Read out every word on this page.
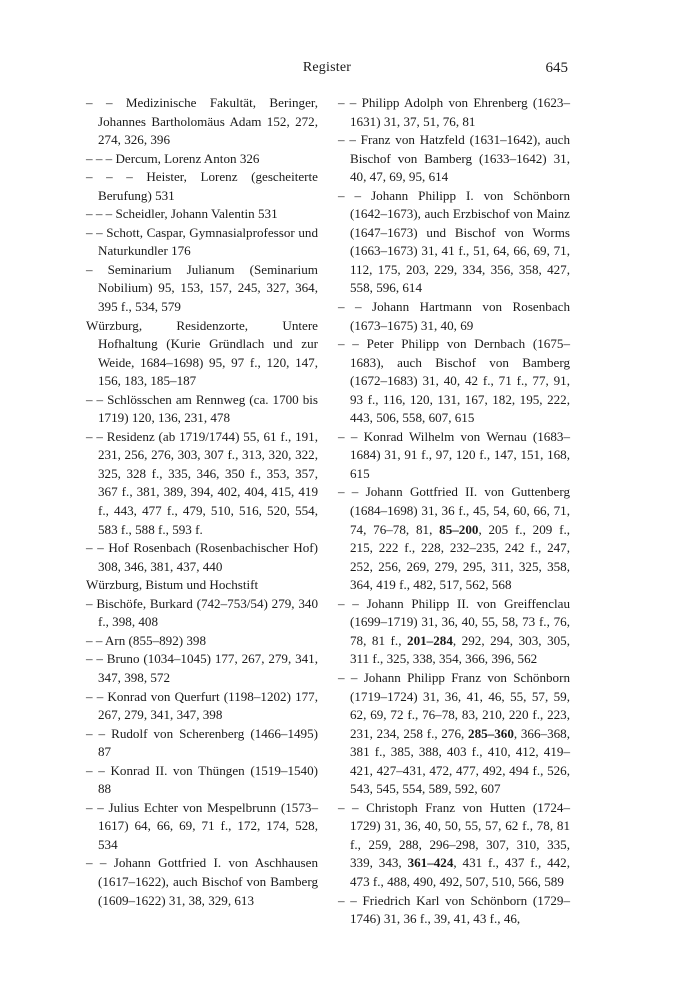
Register	645

– – Medizinische Fakultät, Beringer, Johannes Bartholomäus Adam 152, 272, 274, 326, 396

– – – Dercum, Lorenz Anton 326

– – – Heister, Lorenz (gescheiterte Berufung) 531

– – – Scheidler, Johann Valentin 531

– – Schott, Caspar, Gymnasialprofessor und Naturkundler 176

– Seminarium Julianum (Seminarium Nobilium) 95, 153, 157, 245, 327, 364, 395 f., 534, 579

Würzburg, Residenzorte, Untere Hofhaltung (Kurie Gründlach und zur Weide, 1684–1698) 95, 97 f., 120, 147, 156, 183, 185–187

– – Schlösschen am Rennweg (ca. 1700 bis 1719) 120, 136, 231, 478

– – Residenz (ab 1719/1744) 55, 61 f., 191, 231, 256, 276, 303, 307 f., 313, 320, 322, 325, 328 f., 335, 346, 350 f., 353, 357, 367 f., 381, 389, 394, 402, 404, 415, 419 f., 443, 477 f., 479, 510, 516, 520, 554, 583 f., 588 f., 593 f.

– – Hof Rosenbach (Rosenbachischer Hof) 308, 346, 381, 437, 440

Würzburg, Bistum und Hochstift

– Bischöfe, Burkard (742–753/54) 279, 340 f., 398, 408

– – Arn (855–892) 398

– – Bruno (1034–1045) 177, 267, 279, 341, 347, 398, 572

– – Konrad von Querfurt (1198–1202) 177, 267, 279, 341, 347, 398

– – Rudolf von Scherenberg (1466–1495) 87

– – Konrad II. von Thüngen (1519–1540) 88

– – Julius Echter von Mespelbrunn (1573–1617) 64, 66, 69, 71 f., 172, 174, 528, 534

– – Johann Gottfried I. von Aschhausen (1617–1622), auch Bischof von Bamberg (1609–1622) 31, 38, 329, 613

– – Philipp Adolph von Ehrenberg (1623–1631) 31, 37, 51, 76, 81

– – Franz von Hatzfeld (1631–1642), auch Bischof von Bamberg (1633–1642) 31, 40, 47, 69, 95, 614

– – Johann Philipp I. von Schönborn (1642–1673), auch Erzbischof von Mainz (1647–1673) und Bischof von Worms (1663–1673) 31, 41 f., 51, 64, 66, 69, 71, 112, 175, 203, 229, 334, 356, 358, 427, 558, 596, 614

– – Johann Hartmann von Rosenbach (1673–1675) 31, 40, 69

– – Peter Philipp von Dernbach (1675–1683), auch Bischof von Bamberg (1672–1683) 31, 40, 42 f., 71 f., 77, 91, 93 f., 116, 120, 131, 167, 182, 195, 222, 443, 506, 558, 607, 615

– – Konrad Wilhelm von Wernau (1683–1684) 31, 91 f., 97, 120 f., 147, 151, 168, 615

– – Johann Gottfried II. von Guttenberg (1684–1698) 31, 36 f., 45, 54, 60, 66, 71, 74, 76–78, 81, 85–200, 205 f., 209 f., 215, 222 f., 228, 232–235, 242 f., 247, 252, 256, 269, 279, 295, 311, 325, 358, 364, 419 f., 482, 517, 562, 568

– – Johann Philipp II. von Greiffenclau (1699–1719) 31, 36, 40, 55, 58, 73 f., 76, 78, 81 f., 201–284, 292, 294, 303, 305, 311 f., 325, 338, 354, 366, 396, 562

– – Johann Philipp Franz von Schönborn (1719–1724) 31, 36, 41, 46, 55, 57, 59, 62, 69, 72 f., 76–78, 83, 210, 220 f., 223, 231, 234, 258 f., 276, 285–360, 366–368, 381 f., 385, 388, 403 f., 410, 412, 419–421, 427–431, 472, 477, 492, 494 f., 526, 543, 545, 554, 589, 592, 607

– – Christoph Franz von Hutten (1724–1729) 31, 36, 40, 50, 55, 57, 62 f., 78, 81 f., 259, 288, 296–298, 307, 310, 335, 339, 343, 361–424, 431 f., 437 f., 442, 473 f., 488, 490, 492, 507, 510, 566, 589

– – Friedrich Karl von Schönborn (1729–1746) 31, 36 f., 39, 41, 43 f., 46,
